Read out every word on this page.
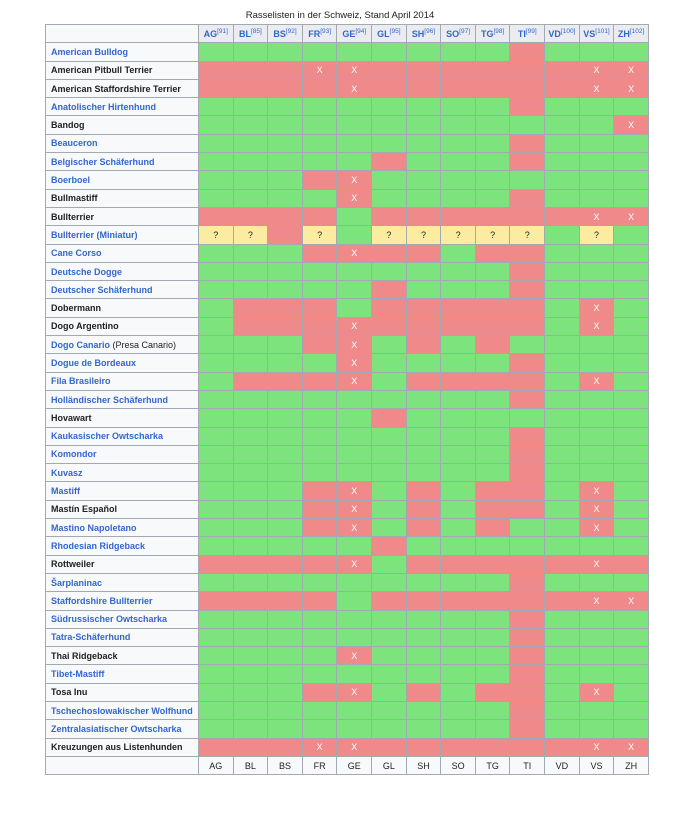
Rasselisten in der Schweiz, Stand April 2014
	AG[91]	BL[85]	BS[92]	FR[93]	GE[94]	GL[95]	SH[96]	SO[97]	TG[98]	TI[99]	VD[100]	VS[101]	ZH[102]
American Bulldog													
American Pitbull Terrier				X	X							X	X
American Staffordshire Terrier					X							X	X
Anatolischer Hirtenhund													
Bandog													X
Beauceron													
Belgischer Schäferhund													
Boerboel					X								
Bullmastiff					X								
Bullterrier												X	X
Bullterrier (Miniatur)	?	?		?		?	?	?	?	?		?	
Cane Corso					X								
Deutsche Dogge													
Deutscher Schäferhund													
Dobermann												X	
Dogo Argentino					X							X	
Dogo Canario (Presa Canario)					X								
Dogue de Bordeaux					X								
Fila Brasileiro					X							X	
Holländischer Schäferhund													
Hovawart													
Kaukasischer Owtscharka													
Komondor													
Kuvasz													
Mastiff					X							X	
Mastín Español					X							X	
Mastino Napoletano					X							X	
Rhodesian Ridgeback													
Rottweiler					X							X	
Šarplaninac													
Staffordshire Bullterrier												X	X
Südrussischer Owtscharka													
Tatra-Schäferhund													
Thai Ridgeback					X								
Tibet-Mastiff													
Tosa Inu					X							X	
Tschechoslowakischer Wolfhund													
Zentralasiatischer Owtscharka													
Kreuzungen aus Listenhunden				X	X							X	X
	AG	BL	BS	FR	GE	GL	SH	SO	TG	TI	VD	VS	ZH
